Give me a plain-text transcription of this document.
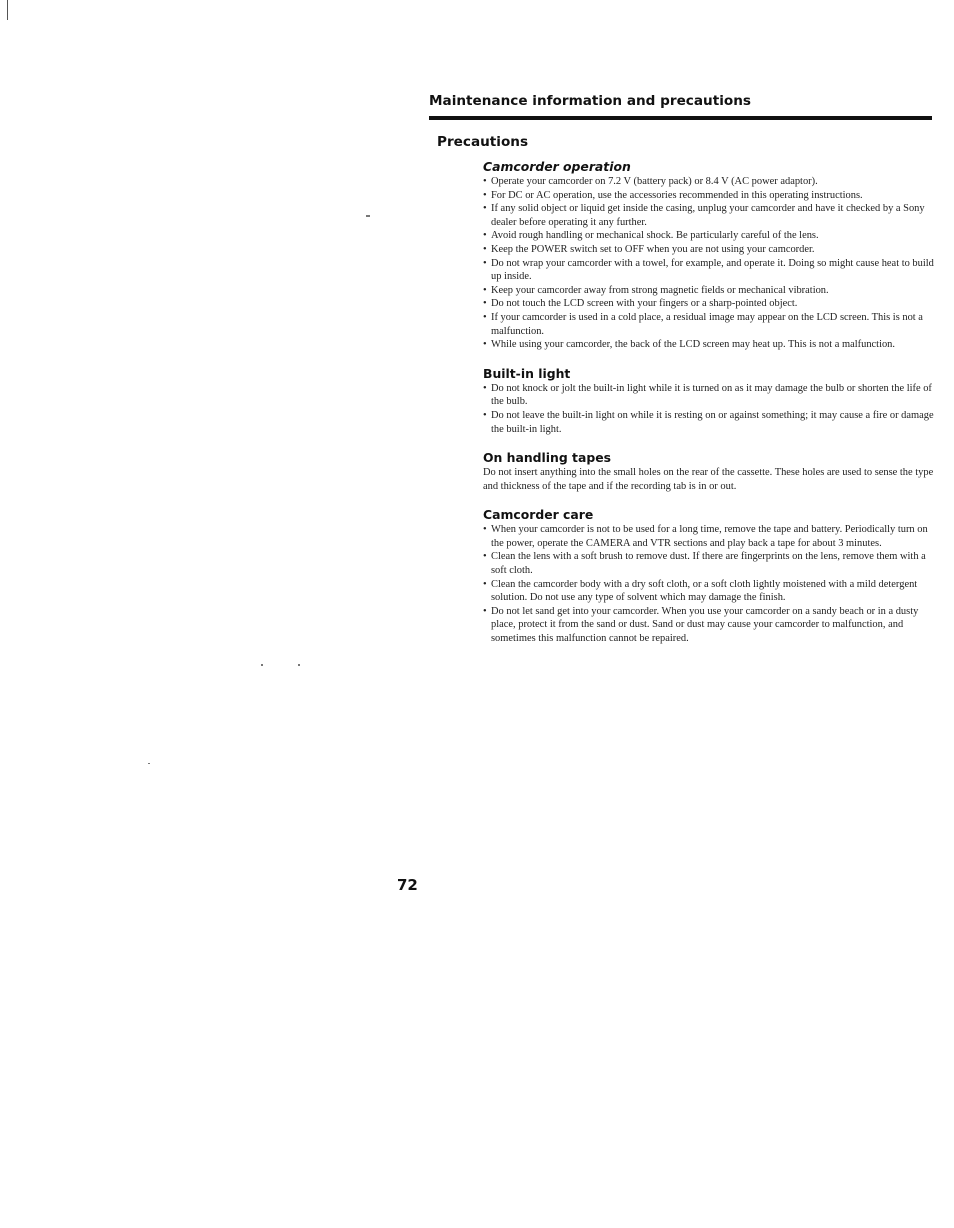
Maintenance information and precautions
Precautions
Camcorder operation
• Operate your camcorder on 7.2 V (battery pack) or 8.4 V (AC power adaptor).
• For DC or AC operation, use the accessories recommended in this operating instructions.
• If any solid object or liquid get inside the casing, unplug your camcorder and have it checked by a Sony dealer before operating it any further.
• Avoid rough handling or mechanical shock. Be particularly careful of the lens.
• Keep the POWER switch set to OFF when you are not using your camcorder.
• Do not wrap your camcorder with a towel, for example, and operate it. Doing so might cause heat to build up inside.
• Keep your camcorder away from strong magnetic fields or mechanical vibration.
• Do not touch the LCD screen with your fingers or a sharp-pointed object.
• If your camcorder is used in a cold place, a residual image may appear on the LCD screen. This is not a malfunction.
• While using your camcorder, the back of the LCD screen may heat up. This is not a malfunction.
Built-in light
• Do not knock or jolt the built-in light while it is turned on as it may damage the bulb or shorten the life of the bulb.
• Do not leave the built-in light on while it is resting on or against something; it may cause a fire or damage the built-in light.
On handling tapes

Do not insert anything into the small holes on the rear of the cassette. These holes are used to sense the type and thickness of the tape and if the recording tab is in or out.

Camcorder care
• When your camcorder is not to be used for a long time, remove the tape and battery. Periodically turn on the power, operate the CAMERA and VTR sections and play back a tape for about 3 minutes.
• Clean the lens with a soft brush to remove dust. If there are fingerprints on the lens, remove them with a soft cloth.
• Clean the camcorder body with a dry soft cloth, or a soft cloth lightly moistened with a mild detergent solution. Do not use any type of solvent which may damage the finish.
• Do not let sand get into your camcorder. When you use your camcorder on a sandy beach or in a dusty place, protect it from the sand or dust. Sand or dust may cause your camcorder to malfunction, and sometimes this malfunction cannot be repaired.

72
